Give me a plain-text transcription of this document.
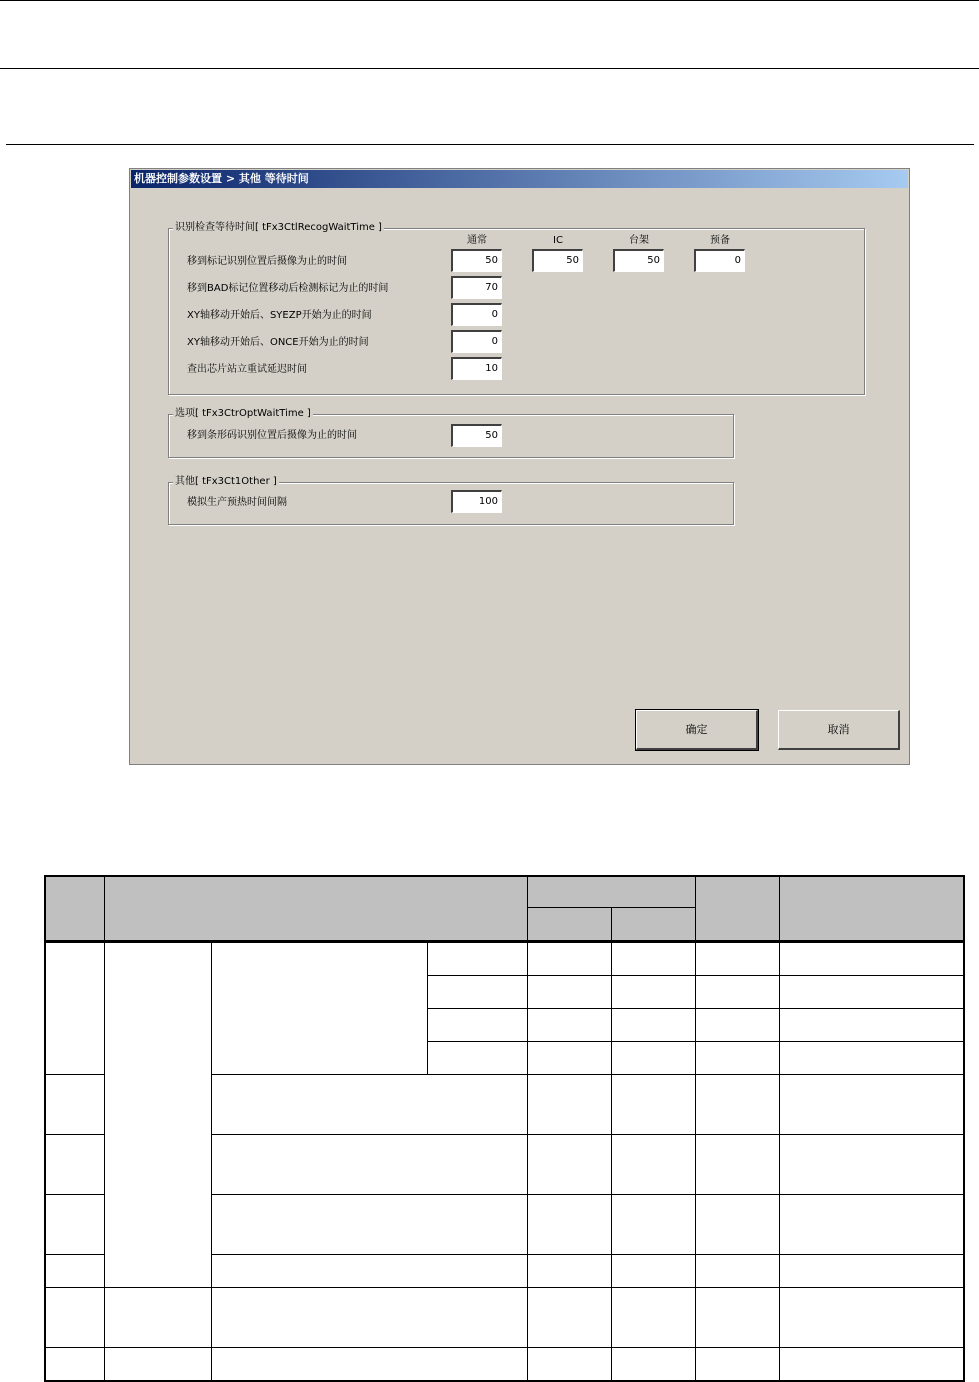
机器控制参数设置 > 其他 等待时间
识别检查等待时间[ tFx3CtlRecogWaitTime ]
通常	IC	台架	预备
移到标记识别位置后摄像为止的时间	50	50	50	0
移到BAD标记位置移动后检测标记为止的时间	70
XY轴移动开始后、SYEZP开始为止的时间	0
XY轴移动开始后、ONCE开始为止的时间	0
查出芯片站立重试延迟时间	10
选项[ tFx3CtrOptWaitTime ]
移到条形码识别位置后摄像为止的时间	50
其他[ tFx3Ct1Other ]
模拟生产预热时间间隔	100
确定	取消
